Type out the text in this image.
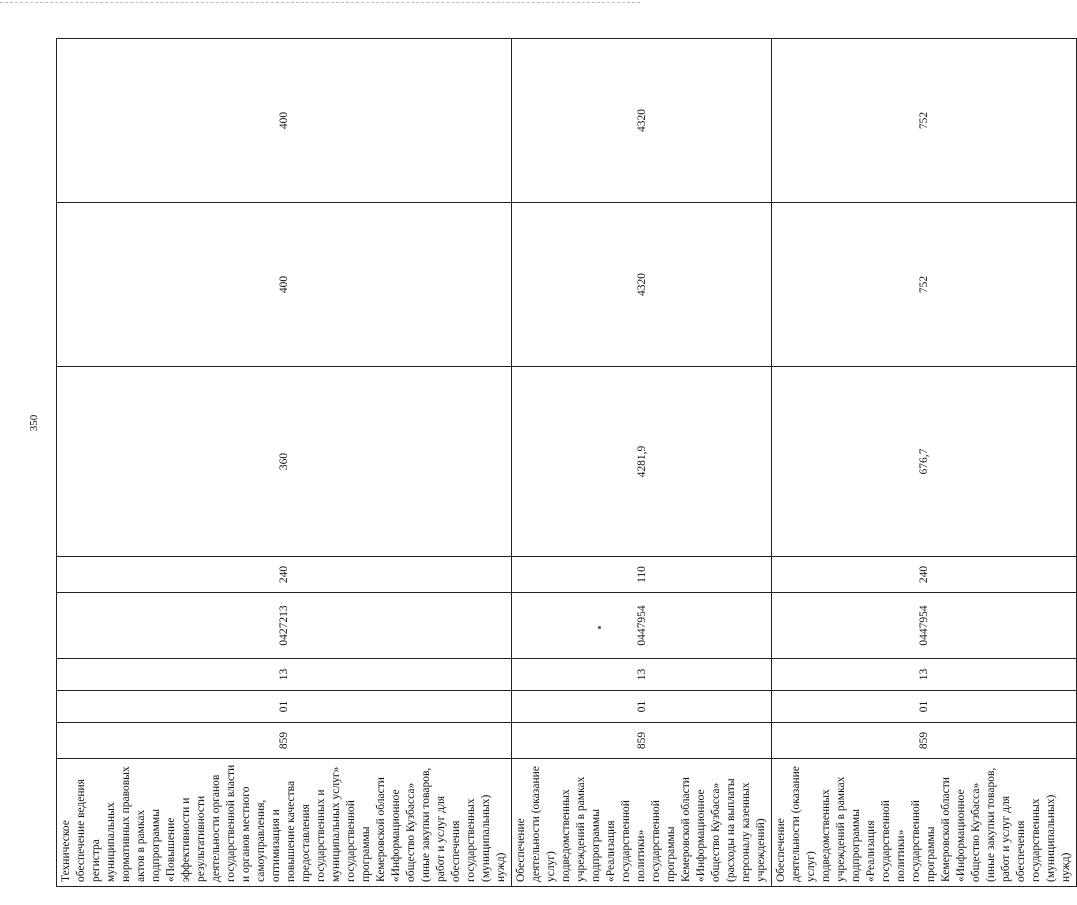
350
Техническое обеспечение ведения регистра муниципальных нормативных правовых актов в рамках подпрограммы «Повышение эффективности и результативности деятельности органов государственной власти и органов местного самоуправления, оптимизация и повышение качества предоставления государственных и муниципальных услуг» государственной программы Кемеровской области «Информационное общество Кузбасса» (иные закупки товаров, работ и услуг для обеспечения государственных (муниципальных) нужд)	859	01	13	0427213	240	360	400	400
Обеспечение деятельности (оказание услуг) подведомственных учреждений в рамках подпрограммы «Реализация государственной политики» государственной программы Кемеровской области «Информационное общество Кузбасса» (расходы на выплаты персоналу казенных учреждений)	859	01	13	0447954	110	4281,9	4320	4320
Обеспечение деятельности (оказание услуг) подведомственных учреждений в рамках подпрограммы «Реализация государственной политики» государственной программы Кемеровской области «Информационное общество Кузбасса» (иные закупки товаров, работ и услуг для обеспечения государственных (муниципальных) нужд)	859	01	13	0447954	240	676,7	752	752
